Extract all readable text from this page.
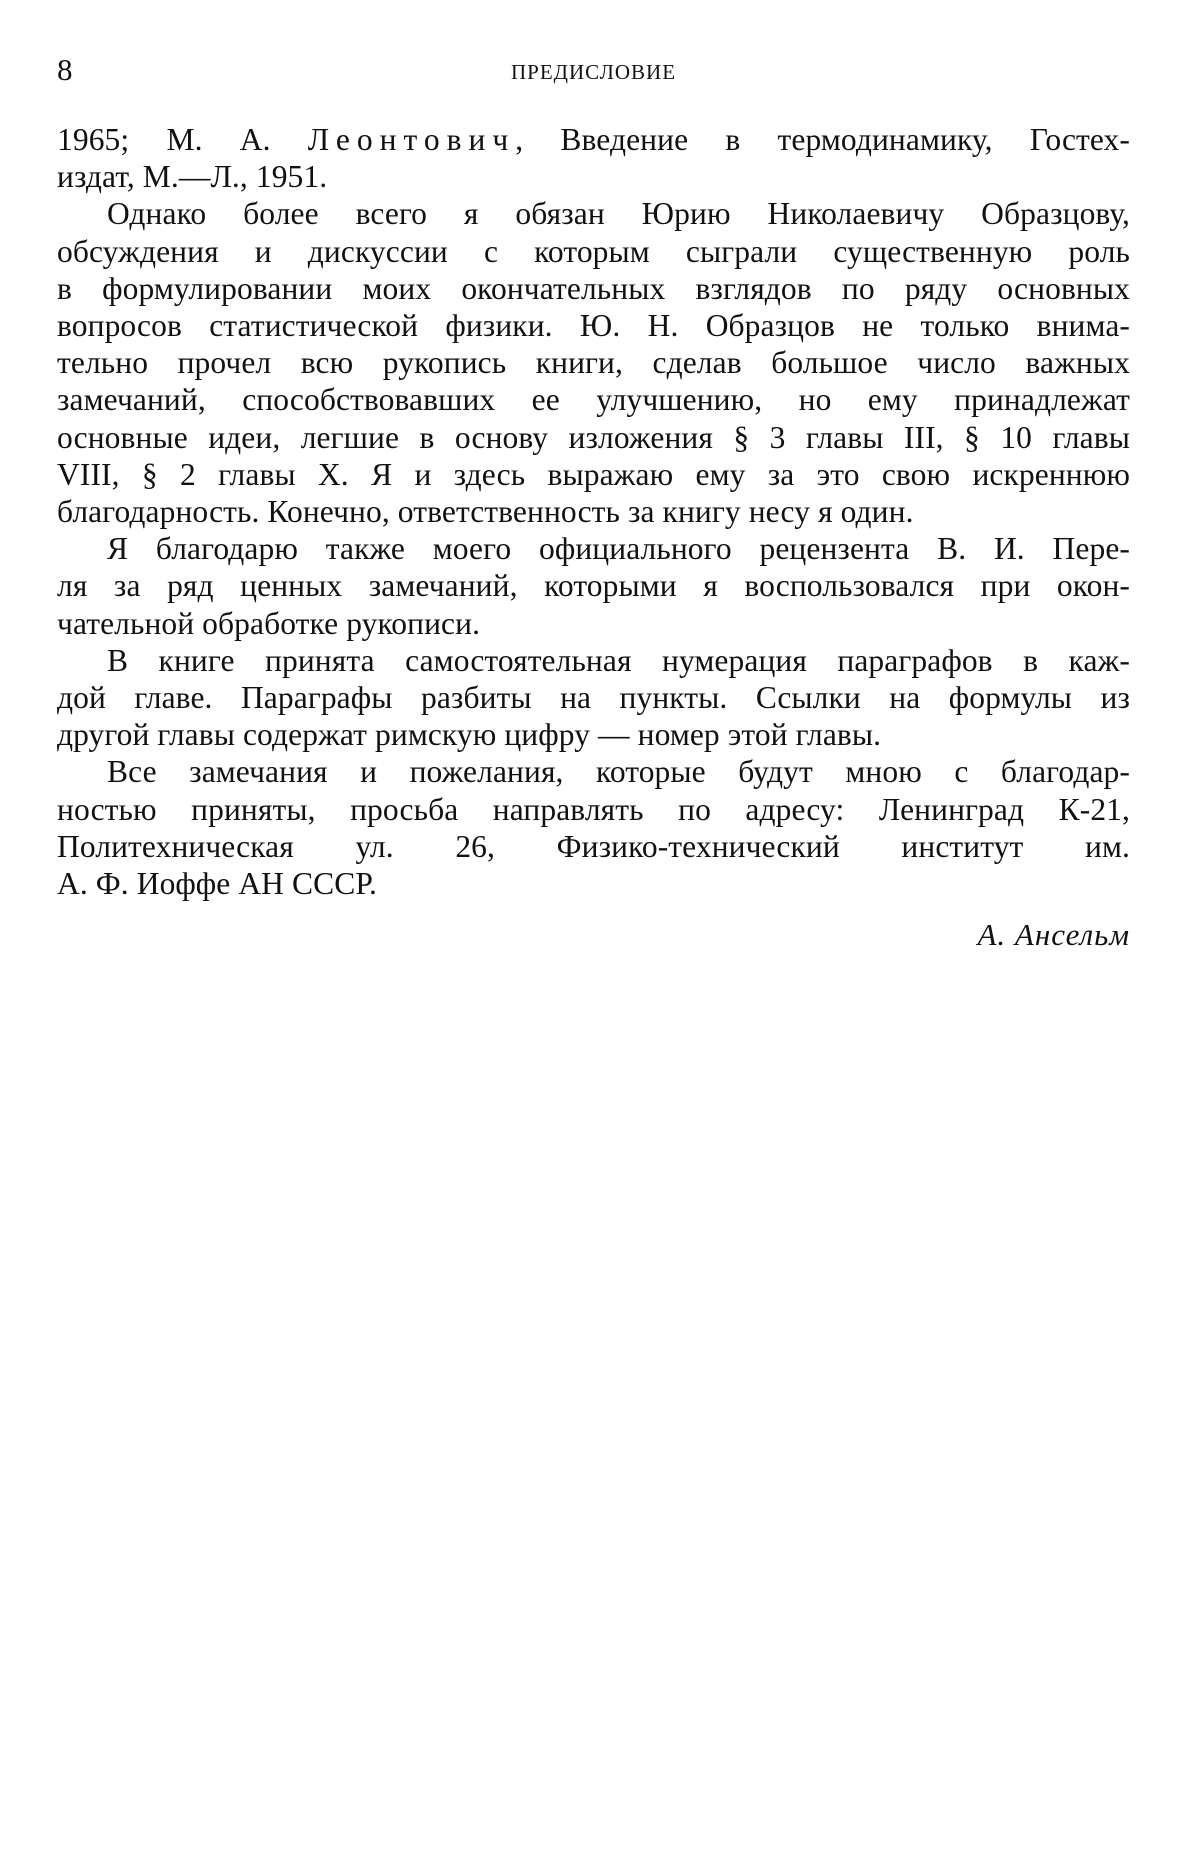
8	ПРЕДИСЛОВИЕ
1965; М. А. Леонтович, Введение в термодинамику, Гостех-
издат, М.—Л., 1951.
Однако более всего я обязан Юрию Николаевичу Образцову,
обсуждения и дискуссии с которым сыграли существенную роль
в формулировании моих окончательных взглядов по ряду основных
вопросов статистической физики. Ю. Н. Образцов не только внима-
тельно прочел всю рукопись книги, сделав большое число важных
замечаний, способствовавших ее улучшению, но ему принадлежат
основные идеи, легшие в основу изложения § 3 главы III, § 10 главы
VIII, § 2 главы X. Я и здесь выражаю ему за это свою искреннюю
благодарность. Конечно, ответственность за книгу несу я один.
Я благодарю также моего официального рецензента В. И. Пере-
ля за ряд ценных замечаний, которыми я воспользовался при окон-
чательной обработке рукописи.
В книге принята самостоятельная нумерация параграфов в каж-
дой главе. Параграфы разбиты на пункты. Ссылки на формулы из
другой главы содержат римскую цифру — номер этой главы.
Все замечания и пожелания, которые будут мною с благодар-
ностью приняты, просьба направлять по адресу: Ленинград К-21,
Политехническая ул. 26, Физико-технический институт им.
А. Ф. Иоффе АН СССР.
А. Ансельм
